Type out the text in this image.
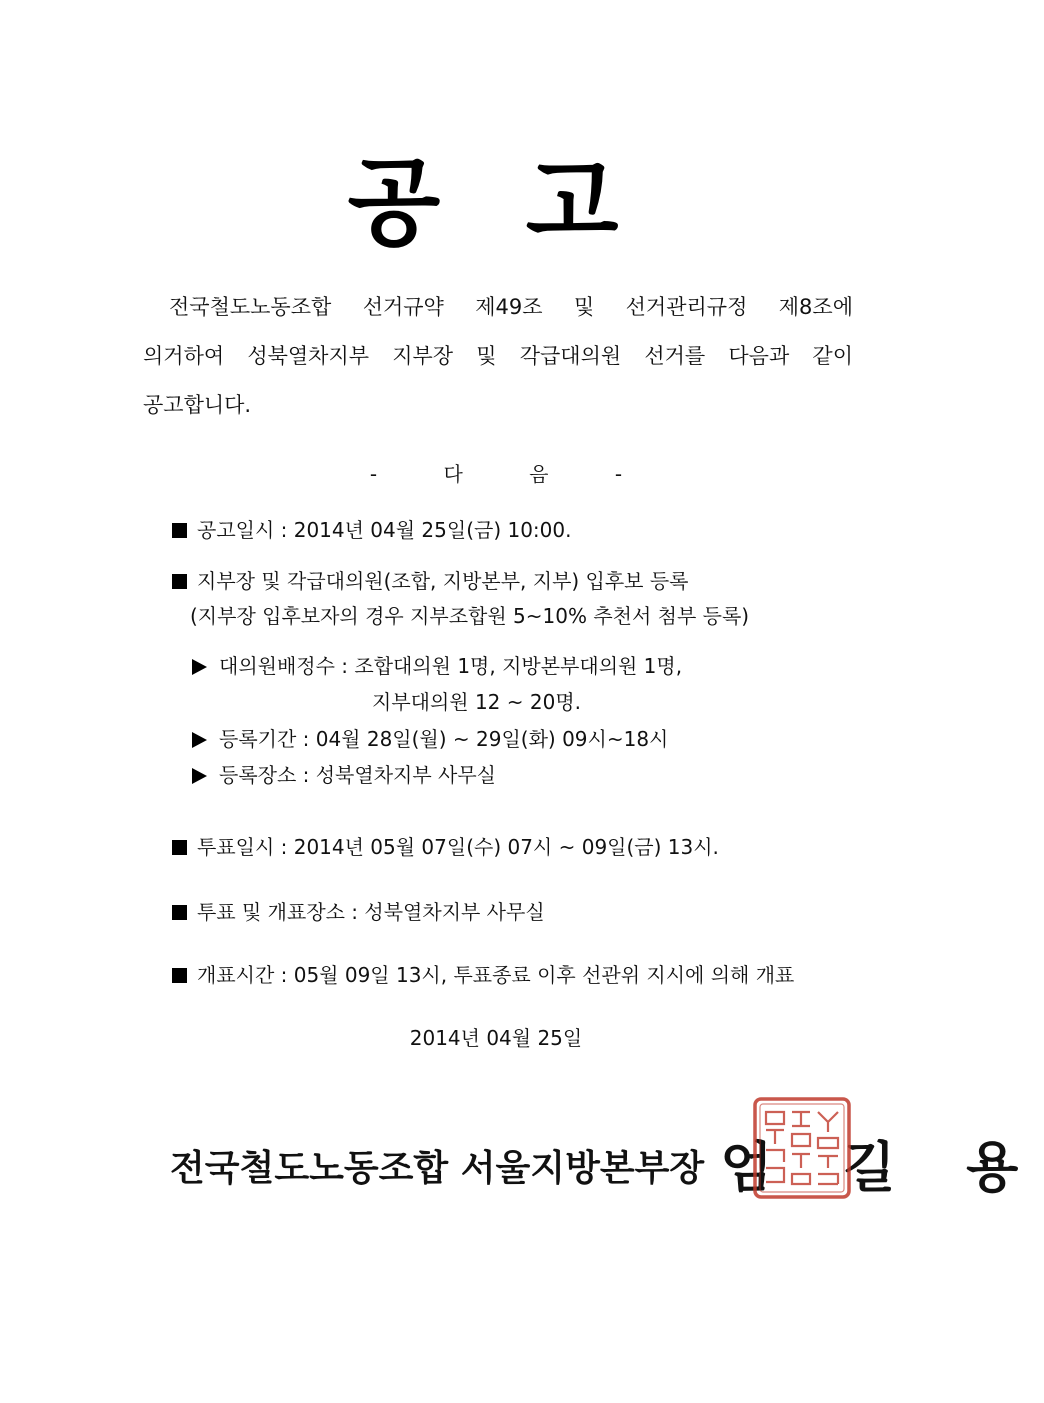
공 고
전국철도노동조합 선거규약 제49조 및 선거관리규정 제8조에
의거하여 성북열차지부 지부장 및 각급대의원 선거를 다음과 같이
공고합니다.
- 다 음 -
공고일시 : 2014년 04월 25일(금) 10:00.
지부장 및 각급대의원(조합, 지방본부, 지부) 입후보 등록
(지부장 입후보자의 경우 지부조합원 5~10% 추천서 첨부 등록)
대의원배정수 : 조합대의원 1명, 지방본부대의원 1명,
지부대의원 12 ~ 20명.
등록기간 : 04월 28일(월) ~ 29일(화) 09시~18시
등록장소 : 성북열차지부 사무실
투표일시 : 2014년 05월 07일(수) 07시 ~ 09일(금) 13시.
투표 및 개표장소 : 성북열차지부 사무실
개표시간 : 05월 09일 13시, 투표종료 이후 선관위 지시에 의해 개표
2014년 04월 25일
전국철도노동조합 서울지방본부장 엄 길 용
